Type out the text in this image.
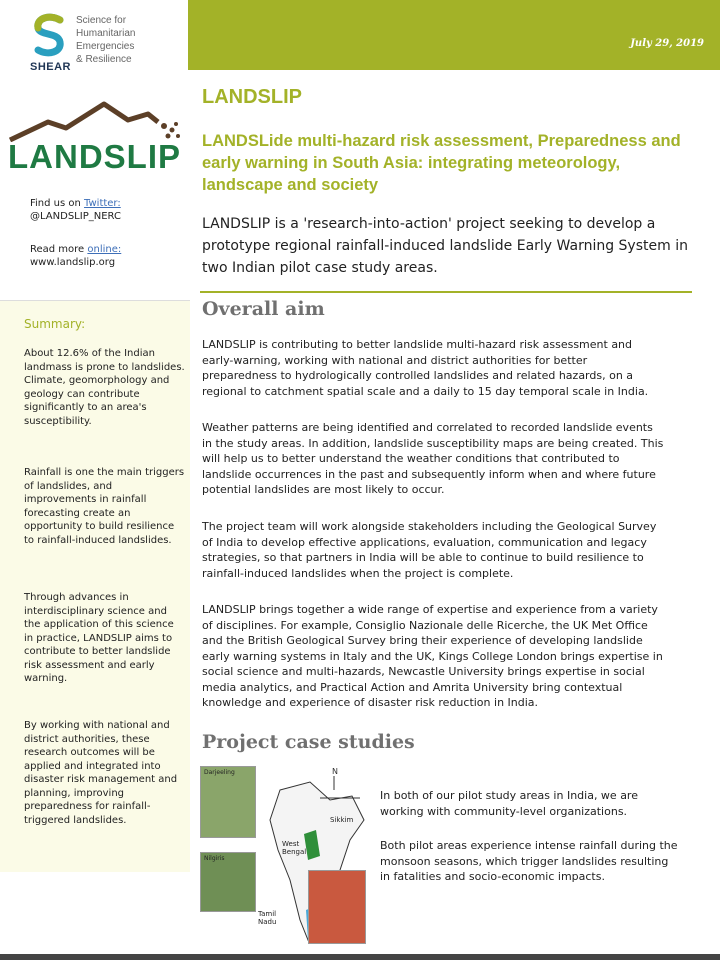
July 29, 2019
SHEAR
Science for
Humanitarian
Emergencies
& Resilience
LANDSLIP
Find us on Twitter:
@LANDSLIP_NERC
Read more online:
www.landslip.org
Summary:
About 12.6% of the Indian landmass is prone to landslides. Climate, geomorphology and geology can contribute significantly to an area's susceptibility.
Rainfall is one the main triggers of landslides, and improvements in rainfall forecasting create an opportunity to build resilience to rainfall-induced landslides.
Through advances in interdisciplinary science and the application of this science in practice, LANDSLIP aims to contribute to better landslide risk assessment and early warning.
By working with national and district authorities, these research outcomes will be applied and integrated into disaster risk management and planning, improving preparedness for rainfall-triggered landslides.
LANDSLIP
LANDSLide multi-hazard risk assessment, Preparedness and early warning in South Asia: integrating meteorology, landscape and society
LANDSLIP is a 'research-into-action' project seeking to develop a prototype regional rainfall-induced landslide Early Warning System in two Indian pilot case study areas.
Overall aim
LANDSLIP is contributing to better landslide multi-hazard risk assessment and early-warning, working with national and district authorities for better preparedness to hydrologically controlled landslides and related hazards, on a regional to catchment spatial scale and a daily to 15 day temporal scale in India.
Weather patterns are being identified and correlated to recorded landslide events in the study areas. In addition, landslide susceptibility maps are being created. This will help us to better understand the weather conditions that contributed to landslide occurrences in the past and subsequently inform when and where future potential landslides are most likely to occur.
The project team will work alongside stakeholders including the Geological Survey of India to develop effective applications, evaluation, communication and legacy strategies, so that partners in India will be able to continue to build resilience to rainfall-induced landslides when the project is complete.
LANDSLIP brings together a wide range of expertise and experience from a variety of disciplines. For example, Consiglio Nazionale delle Ricerche, the UK Met Office and the British Geological Survey bring their experience of developing landslide early warning systems in Italy and the UK, Kings College London brings expertise in social science and multi-hazards, Newcastle University brings expertise in social media analytics, and Practical Action and Amrita University bring contextual knowledge and experience of disaster risk reduction in India.
Project case studies
Darjeeling
Nilgiris
N
Sikkim
West Bengal
Tamil Nadu
In both of our pilot study areas in India, we are working with community-level organizations.
Both pilot areas experience intense rainfall during the monsoon seasons, which trigger landslides resulting in fatalities and socio-economic impacts.
